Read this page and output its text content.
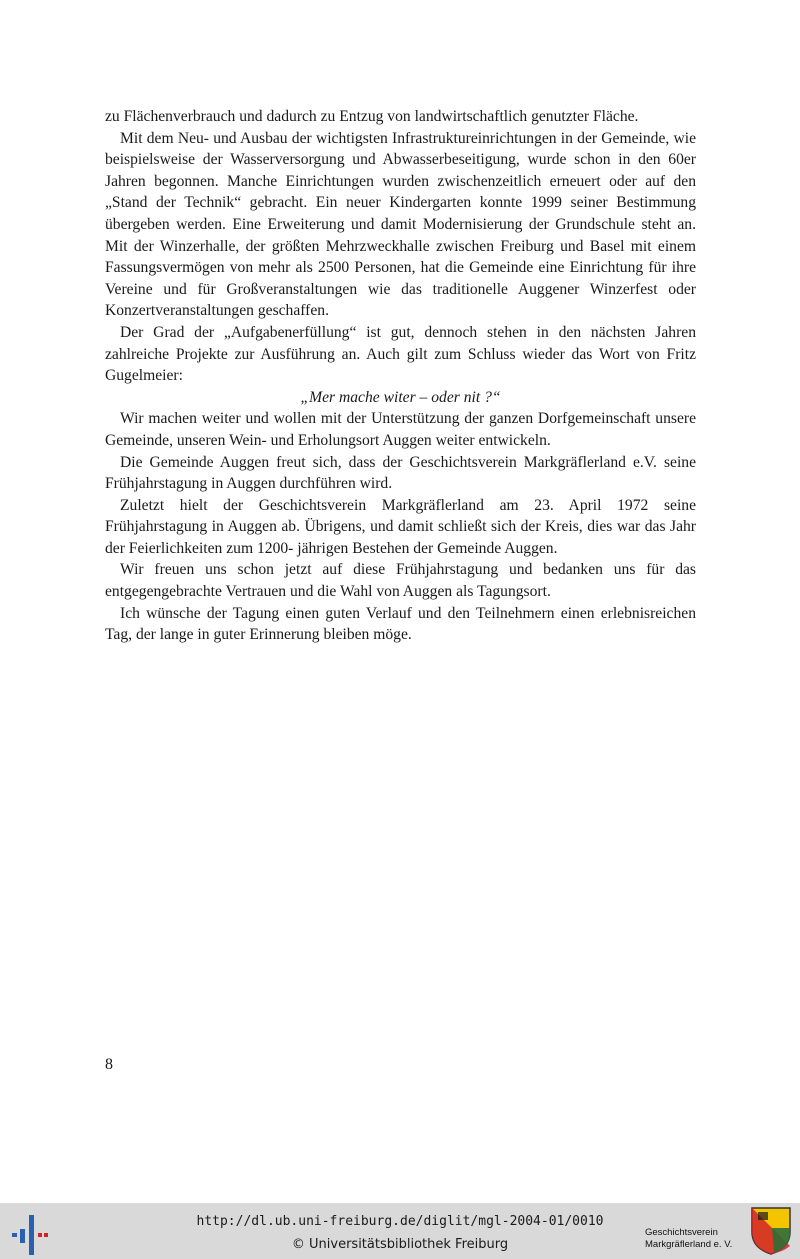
zu Flächenverbrauch und dadurch zu Entzug von landwirtschaftlich genutzter Fläche.

Mit dem Neu- und Ausbau der wichtigsten Infrastruktureinrichtungen in der Gemeinde, wie beispielsweise der Wasserversorgung und Abwasserbeseitigung, wurde schon in den 60er Jahren begonnen. Manche Einrichtungen wurden zwischenzeitlich erneuert oder auf den „Stand der Technik“ gebracht. Ein neuer Kindergarten konnte 1999 seiner Bestimmung übergeben werden. Eine Erweiterung und damit Modernisierung der Grundschule steht an. Mit der Winzerhalle, der größten Mehrzweckhalle zwischen Freiburg und Basel mit einem Fassungsvermögen von mehr als 2500 Personen, hat die Gemeinde eine Einrichtung für ihre Vereine und für Großveranstaltungen wie das traditionelle Auggener Winzerfest oder Konzertveranstaltungen geschaffen.

Der Grad der „Aufgabenerfüllung“ ist gut, dennoch stehen in den nächsten Jahren zahlreiche Projekte zur Ausführung an. Auch gilt zum Schluss wieder das Wort von Fritz Gugelmeier:

„Mer mache witer – oder nit ?“

Wir machen weiter und wollen mit der Unterstützung der ganzen Dorfgemeinschaft unsere Gemeinde, unseren Wein- und Erholungsort Auggen weiter entwickeln.

Die Gemeinde Auggen freut sich, dass der Geschichtsverein Markgräflerland e.V. seine Frühjahrstagung in Auggen durchführen wird.

Zuletzt hielt der Geschichtsverein Markgräflerland am 23. April 1972 seine Frühjahrstagung in Auggen ab. Übrigens, und damit schließt sich der Kreis, dies war das Jahr der Feierlichkeiten zum 1200- jährigen Bestehen der Gemeinde Auggen.

Wir freuen uns schon jetzt auf diese Frühjahrstagung und bedanken uns für das entgegengebrachte Vertrauen und die Wahl von Auggen als Tagungsort.

Ich wünsche der Tagung einen guten Verlauf und den Teilnehmern einen erlebnisreichen Tag, der lange in guter Erinnerung bleiben möge.

8
http://dl.ub.uni-freiburg.de/diglit/mgl-2004-01/0010
© Universitätsbibliothek Freiburg
Geschichtsverein
Markgräflerland e. V.
